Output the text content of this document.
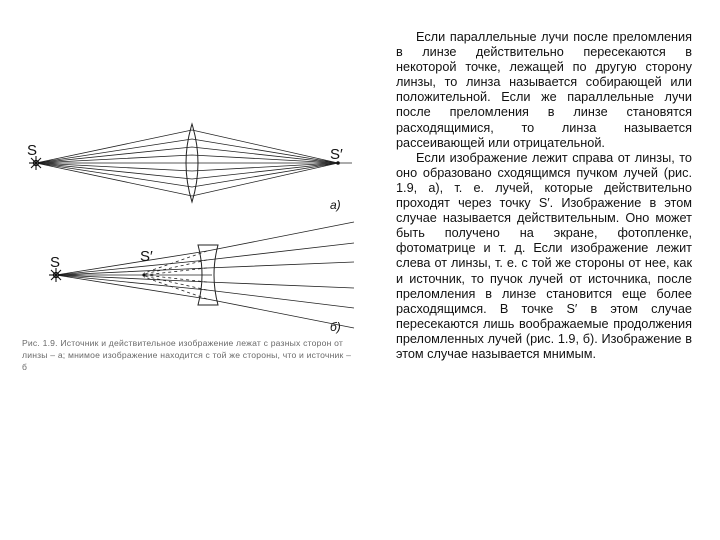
S	S′
а)
S	S′
б)
Рис. 1.9. Источник и действительное изображение лежат с разных сторон от линзы – а; мнимое изображение находится с той же стороны, что и источник – б

Если параллельные лучи после преломления в линзе действительно пересекаются в некоторой точке, лежащей по другую сторону линзы, то линза называется собирающей или положительной. Если же параллельные лучи после преломления в линзе становятся расходящимися, то линза называется рассеивающей или отрицательной.

Если изображение лежит справа от линзы, то оно образовано сходящимся пучком лучей (рис. 1.9, а), т. е. лучей, которые действительно проходят через точку S′. Изображение в этом случае называется действительным. Оно может быть получено на экране, фотопленке, фотоматрице и т. д. Если изображение лежит слева от линзы, т. е. с той же стороны от нее, как и источник, то пучок лучей от источника, после преломления в линзе становится еще более расходящимся. В точке S′ в этом случае пересекаются лишь воображаемые продолжения преломленных лучей (рис. 1.9, б). Изображение в этом случае называется мнимым.
